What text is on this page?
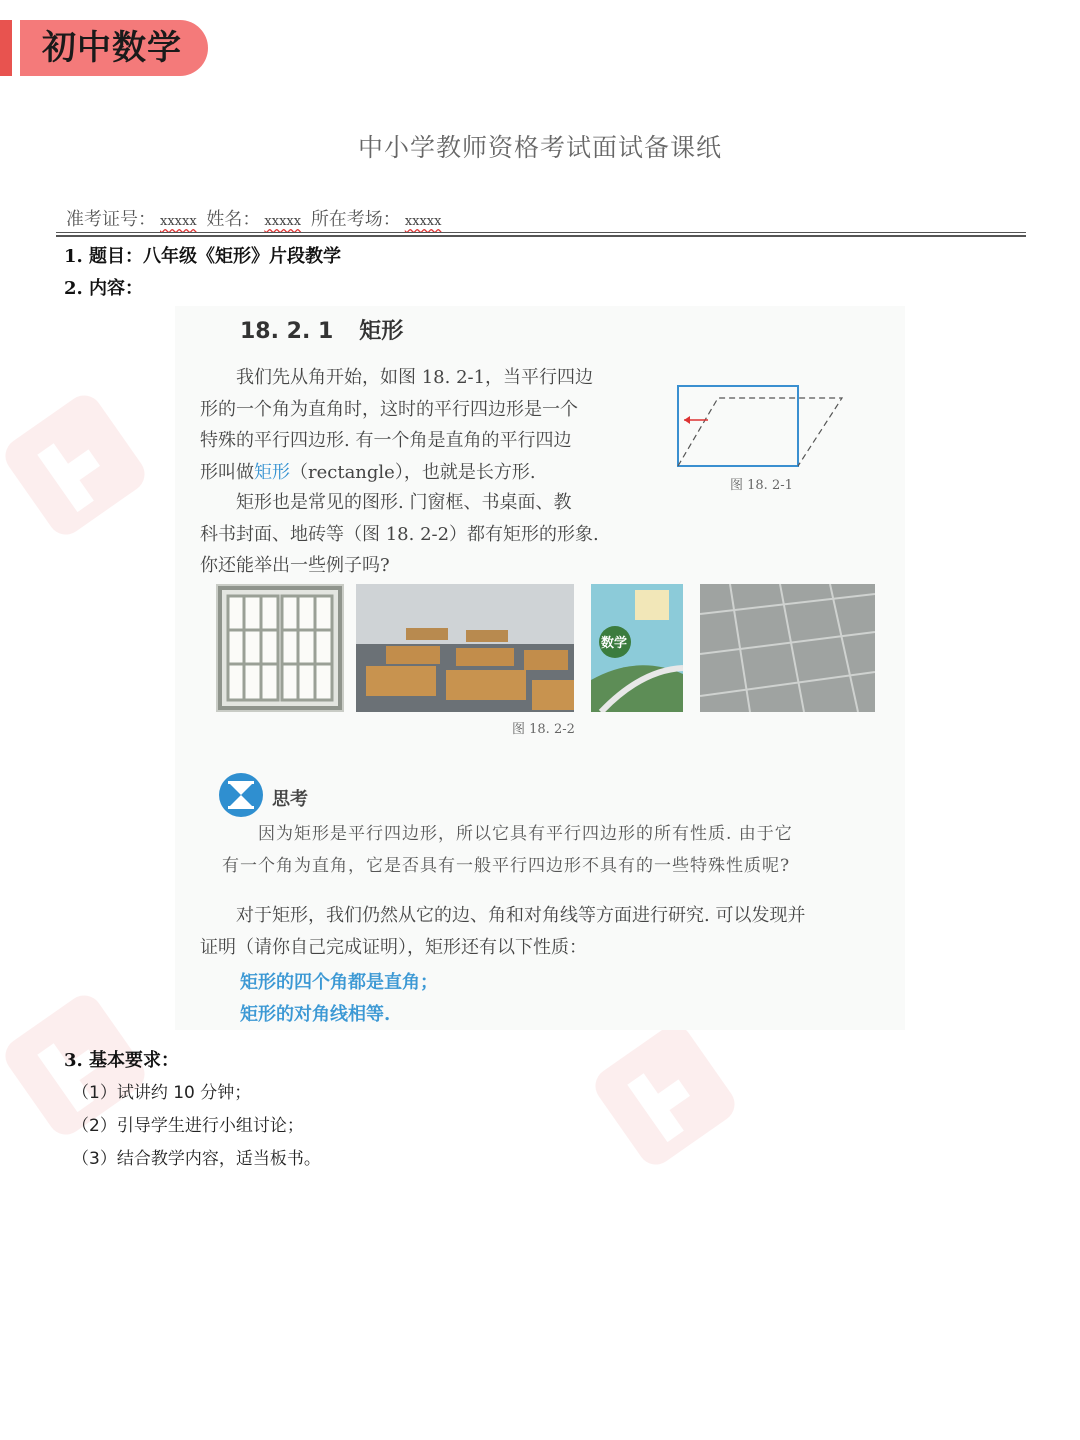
初中数学
中小学教师资格考试面试备课纸
准考证号： xxxxx 姓名： xxxxx 所在考场： xxxxx
1. 题目：八年级《矩形》片段教学
2. 内容：
18. 2. 1 矩形

　　我们先从角开始，如图 18. 2-1，当平行四边

形的一个角为直角时，这时的平行四边形是一个

特殊的平行四边形. 有一个角是直角的平行四边

形叫做矩形（rectangle），也就是长方形.

　　矩形也是常见的图形. 门窗框、书桌面、教

科书封面、地砖等（图 18. 2-2）都有矩形的形象.

你还能举出一些例子吗?

图 18. 2-1
数学
图 18. 2-2
思考

　　因为矩形是平行四边形，所以它具有平行四边形的所有性质. 由于它

有一个角为直角，它是否具有一般平行四边形不具有的一些特殊性质呢?

　　对于矩形，我们仍然从它的边、角和对角线等方面进行研究. 可以发现并

证明（请你自己完成证明），矩形还有以下性质：

矩形的四个角都是直角；
矩形的对角线相等.
3. 基本要求：
（1）试讲约 10 分钟；
（2）引导学生进行小组讨论；
（3）结合教学内容，适当板书。
